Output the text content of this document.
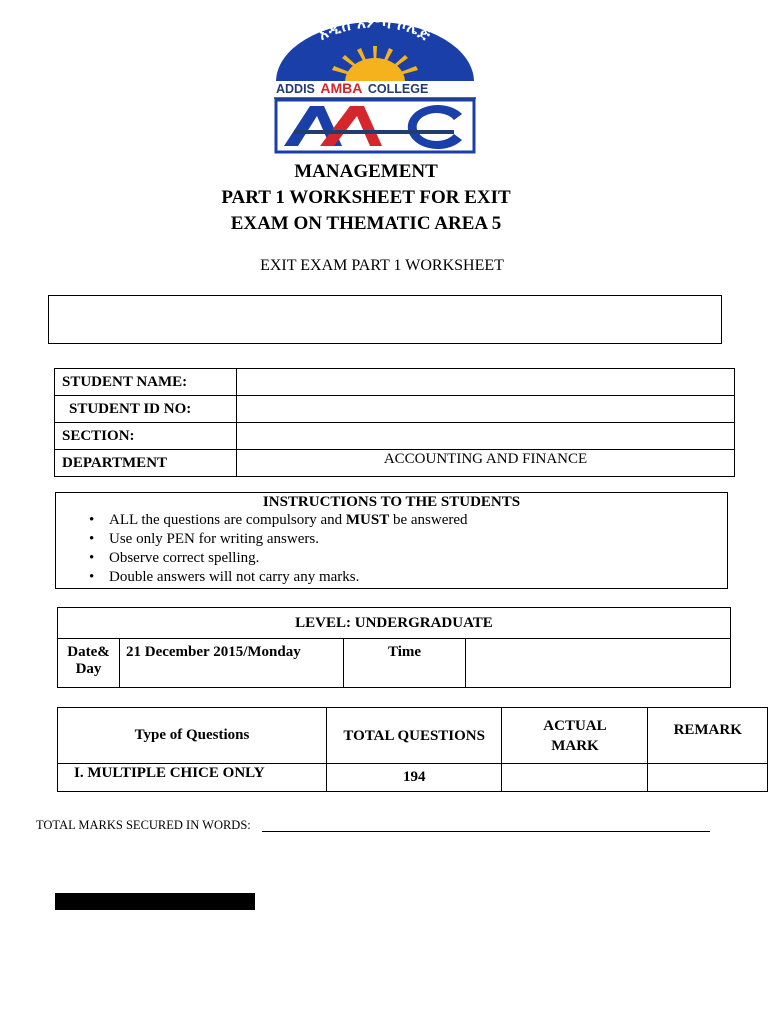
አዲስ አምባ ኮሌጅ
ADDIS AMBA COLLEGE
MANAGEMENT
PART 1 WORKSHEET FOR EXIT
EXAM ON THEMATIC AREA 5
EXIT EXAM PART 1 WORKSHEET
STUDENT NAME:	
STUDENT ID NO:	
SECTION:	
DEPARTMENT	ACCOUNTING AND FINANCE
INSTRUCTIONS TO THE STUDENTS
• ALL the questions are compulsory and MUST be answered
• Use only PEN for writing answers.
• Observe correct spelling.
• Double answers will not carry any marks.
LEVEL: UNDERGRADUATE
Date& Day	21 December 2015/Monday	Time	
Type of Questions	TOTAL QUESTIONS	ACTUAL MARK	REMARK
I. MULTIPLE CHICE ONLY	194		
TOTAL MARKS SECURED IN WORDS:
